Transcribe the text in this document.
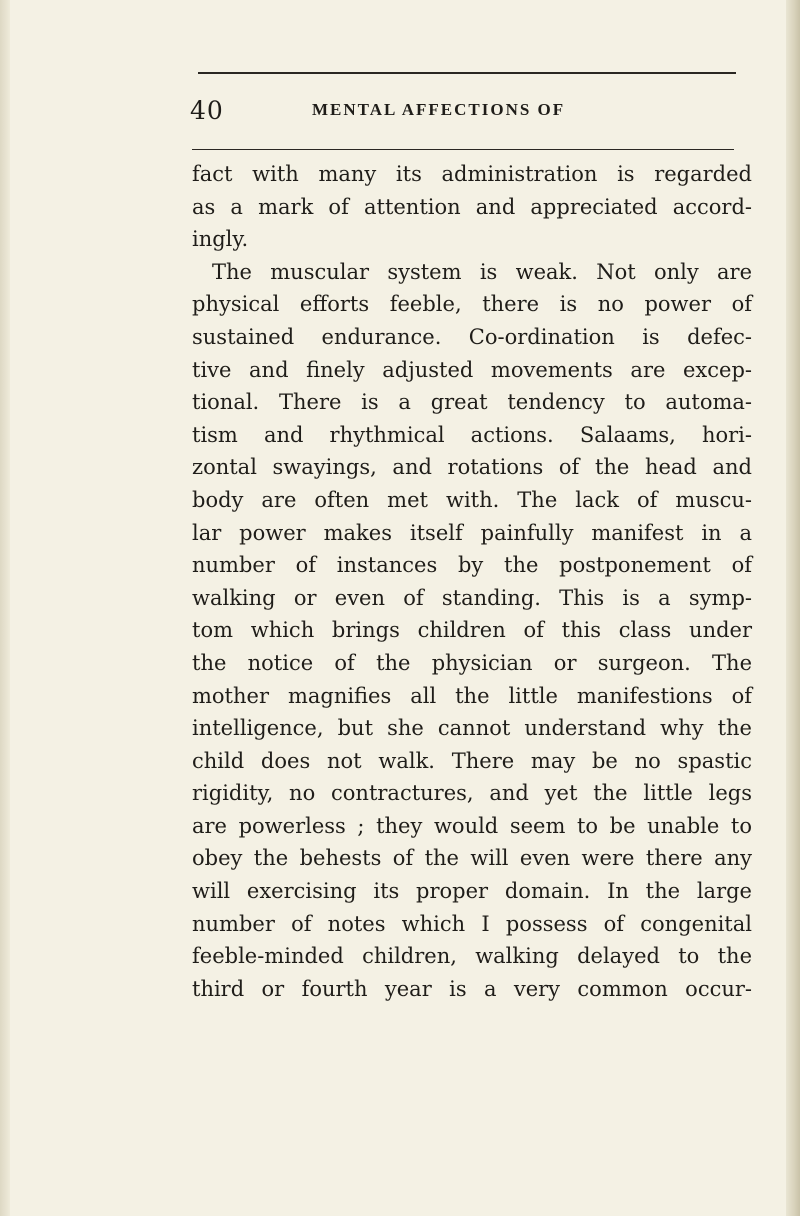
40	MENTAL AFFECTIONS OF
fact with many its administration is regarded
as a mark of attention and appreciated accord-
ingly.
The muscular system is weak. Not only are
physical efforts feeble, there is no power of
sustained endurance. Co-ordination is defec-
tive and finely adjusted movements are excep-
tional. There is a great tendency to automa-
tism and rhythmical actions. Salaams, hori-
zontal swayings, and rotations of the head and
body are often met with. The lack of muscu-
lar power makes itself painfully manifest in a
number of instances by the postponement of
walking or even of standing. This is a symp-
tom which brings children of this class under
the notice of the physician or surgeon. The
mother magnifies all the little manifestions of
intelligence, but she cannot understand why the
child does not walk. There may be no spastic
rigidity, no contractures, and yet the little legs
are powerless ; they would seem to be unable to
obey the behests of the will even were there any
will exercising its proper domain. In the large
number of notes which I possess of congenital
feeble-minded children, walking delayed to the
third or fourth year is a very common occur-
